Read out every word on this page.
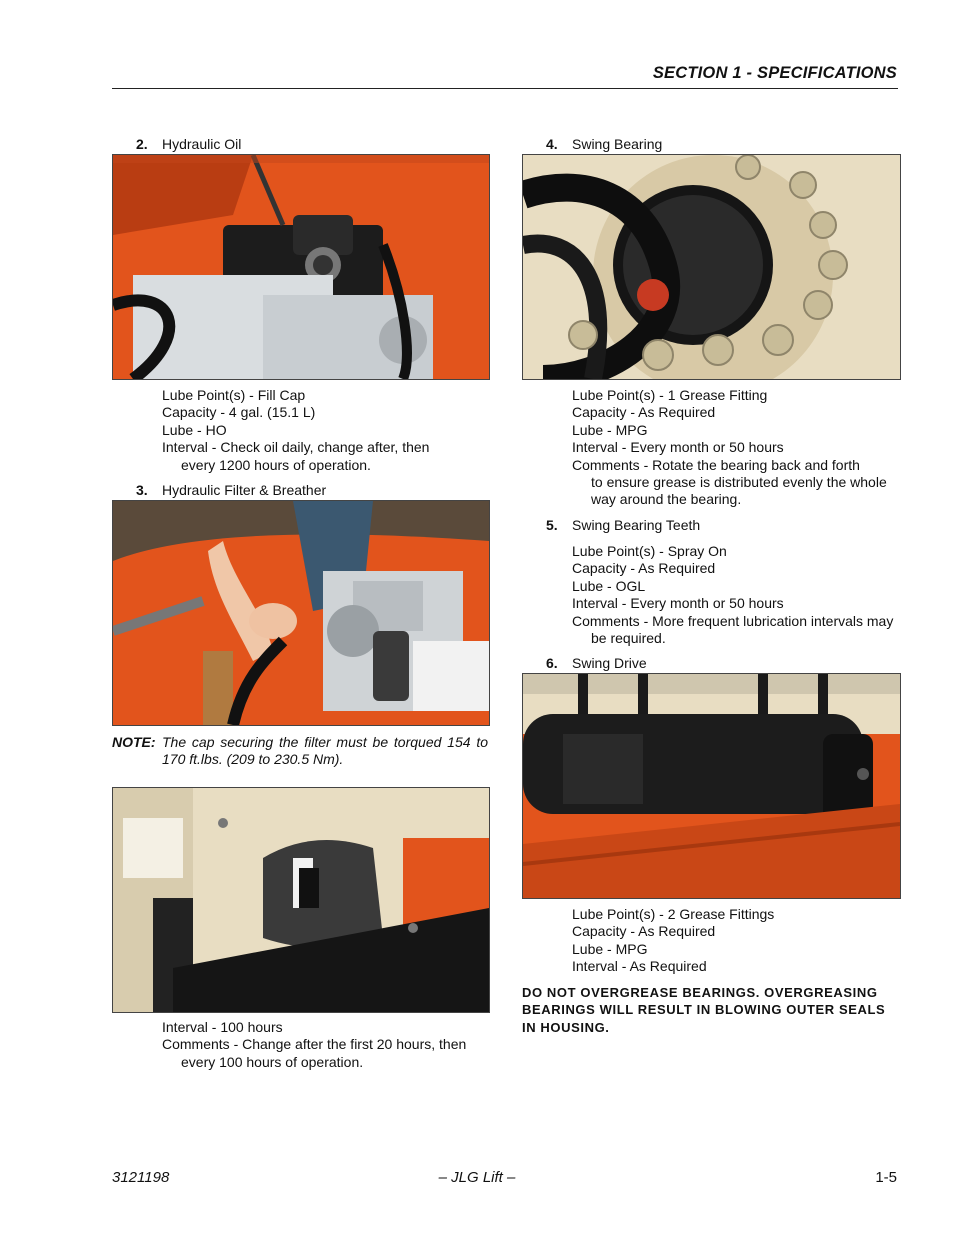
SECTION 1 - SPECIFICATIONS
2. Hydraulic Oil
Lube Point(s) - Fill Cap
Capacity - 4 gal. (15.1 L)
Lube - HO
Interval - Check oil daily, change after, then
every 1200 hours of operation.
3. Hydraulic Filter & Breather
NOTE: The cap securing the filter must be torqued 154 to 170 ft.lbs. (209 to 230.5 Nm).
Interval - 100 hours
Comments - Change after the first 20 hours, then
every 100 hours of operation.
4. Swing Bearing
Lube Point(s) - 1 Grease Fitting
Capacity - As Required
Lube - MPG
Interval - Every month or 50 hours
Comments - Rotate the bearing back and forth
to ensure grease is distributed evenly the whole
way around the bearing.
5. Swing Bearing Teeth
Lube Point(s) - Spray On
Capacity - As Required
Lube - OGL
Interval - Every month or 50 hours
Comments - More frequent lubrication intervals may
be required.
6. Swing Drive
Lube Point(s) - 2 Grease Fittings
Capacity - As Required
Lube - MPG
Interval - As Required
DO NOT OVERGREASE BEARINGS. OVERGREASING BEARINGS WILL RESULT IN BLOWING OUTER SEALS IN HOUSING.
3121198	– JLG Lift –	1-5
